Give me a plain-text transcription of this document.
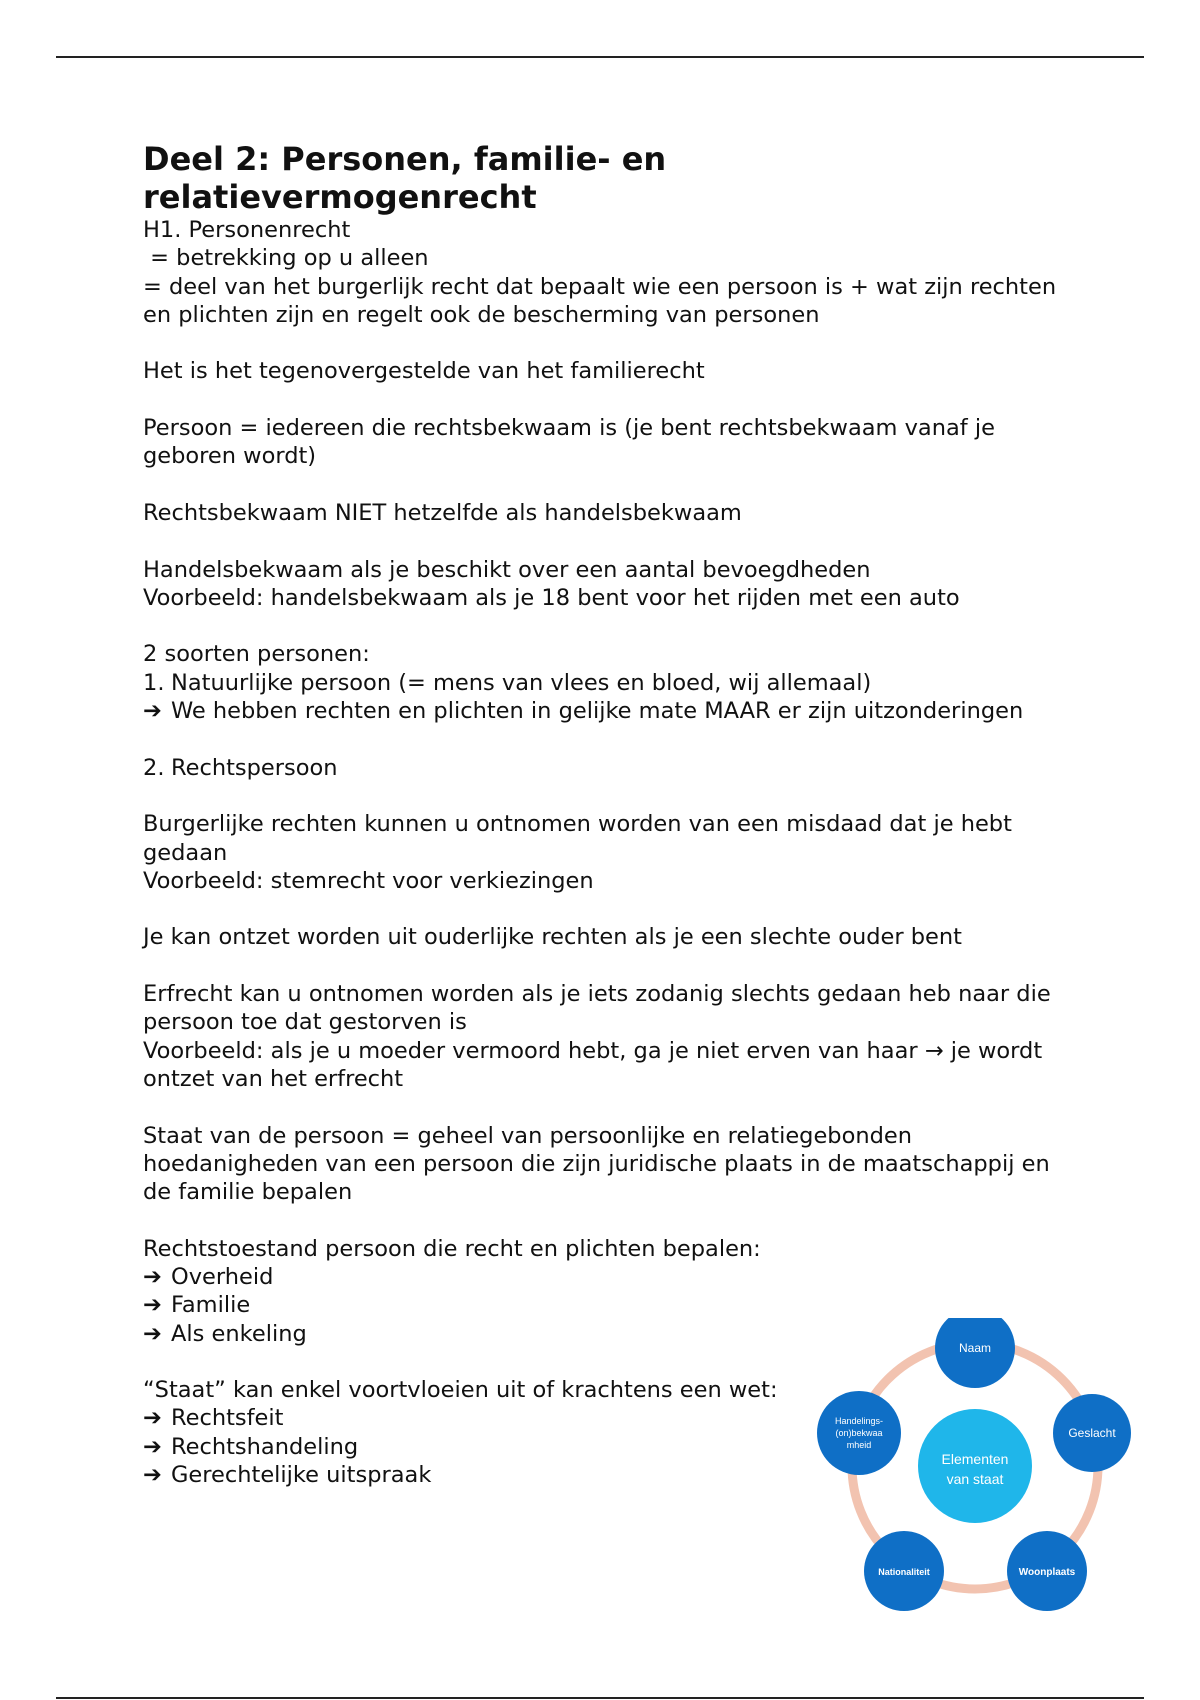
Deel 2: Personen, familie- en
relatievermogenrecht

H1. Personenrecht

= betrekking op u alleen

= deel van het burgerlijk recht dat bepaalt wie een persoon is + wat zijn rechten en plichten zijn en regelt ook de bescherming van personen

Het is het tegenovergestelde van het familierecht

Persoon = iedereen die rechtsbekwaam is (je bent rechtsbekwaam vanaf je geboren wordt)

Rechtsbekwaam NIET hetzelfde als handelsbekwaam

Handelsbekwaam als je beschikt over een aantal bevoegdheden

Voorbeeld: handelsbekwaam als je 18 bent voor het rijden met een auto

2 soorten personen:

1. Natuurlijke persoon (= mens van vlees en bloed, wij allemaal)
➔ We hebben rechten en plichten in gelijke mate MAAR er zijn uitzonderingen
2. Rechtspersoon

Burgerlijke rechten kunnen u ontnomen worden van een misdaad dat je hebt gedaan

Voorbeeld: stemrecht voor verkiezingen

Je kan ontzet worden uit ouderlijke rechten als je een slechte ouder bent

Erfrecht kan u ontnomen worden als je iets zodanig slechts gedaan heb naar die persoon toe dat gestorven is

Voorbeeld: als je u moeder vermoord hebt, ga je niet erven van haar → je wordt ontzet van het erfrecht

Staat van de persoon = geheel van persoonlijke en relatiegebonden hoedanigheden van een persoon die zijn juridische plaats in de maatschappij en de familie bepalen

Rechtstoestand persoon die recht en plichten bepalen:

➔ Overheid
➔ Familie
➔ Als enkeling

“Staat” kan enkel voortvloeien uit of krachtens een wet:

➔ Rechtsfeit
➔ Rechtshandeling
➔ Gerechtelijke uitspraak
Elementen
van staat
Naam
Geslacht
Woonplaats
Nationaliteit
Handelings-
(on)bekwaa
mheid
